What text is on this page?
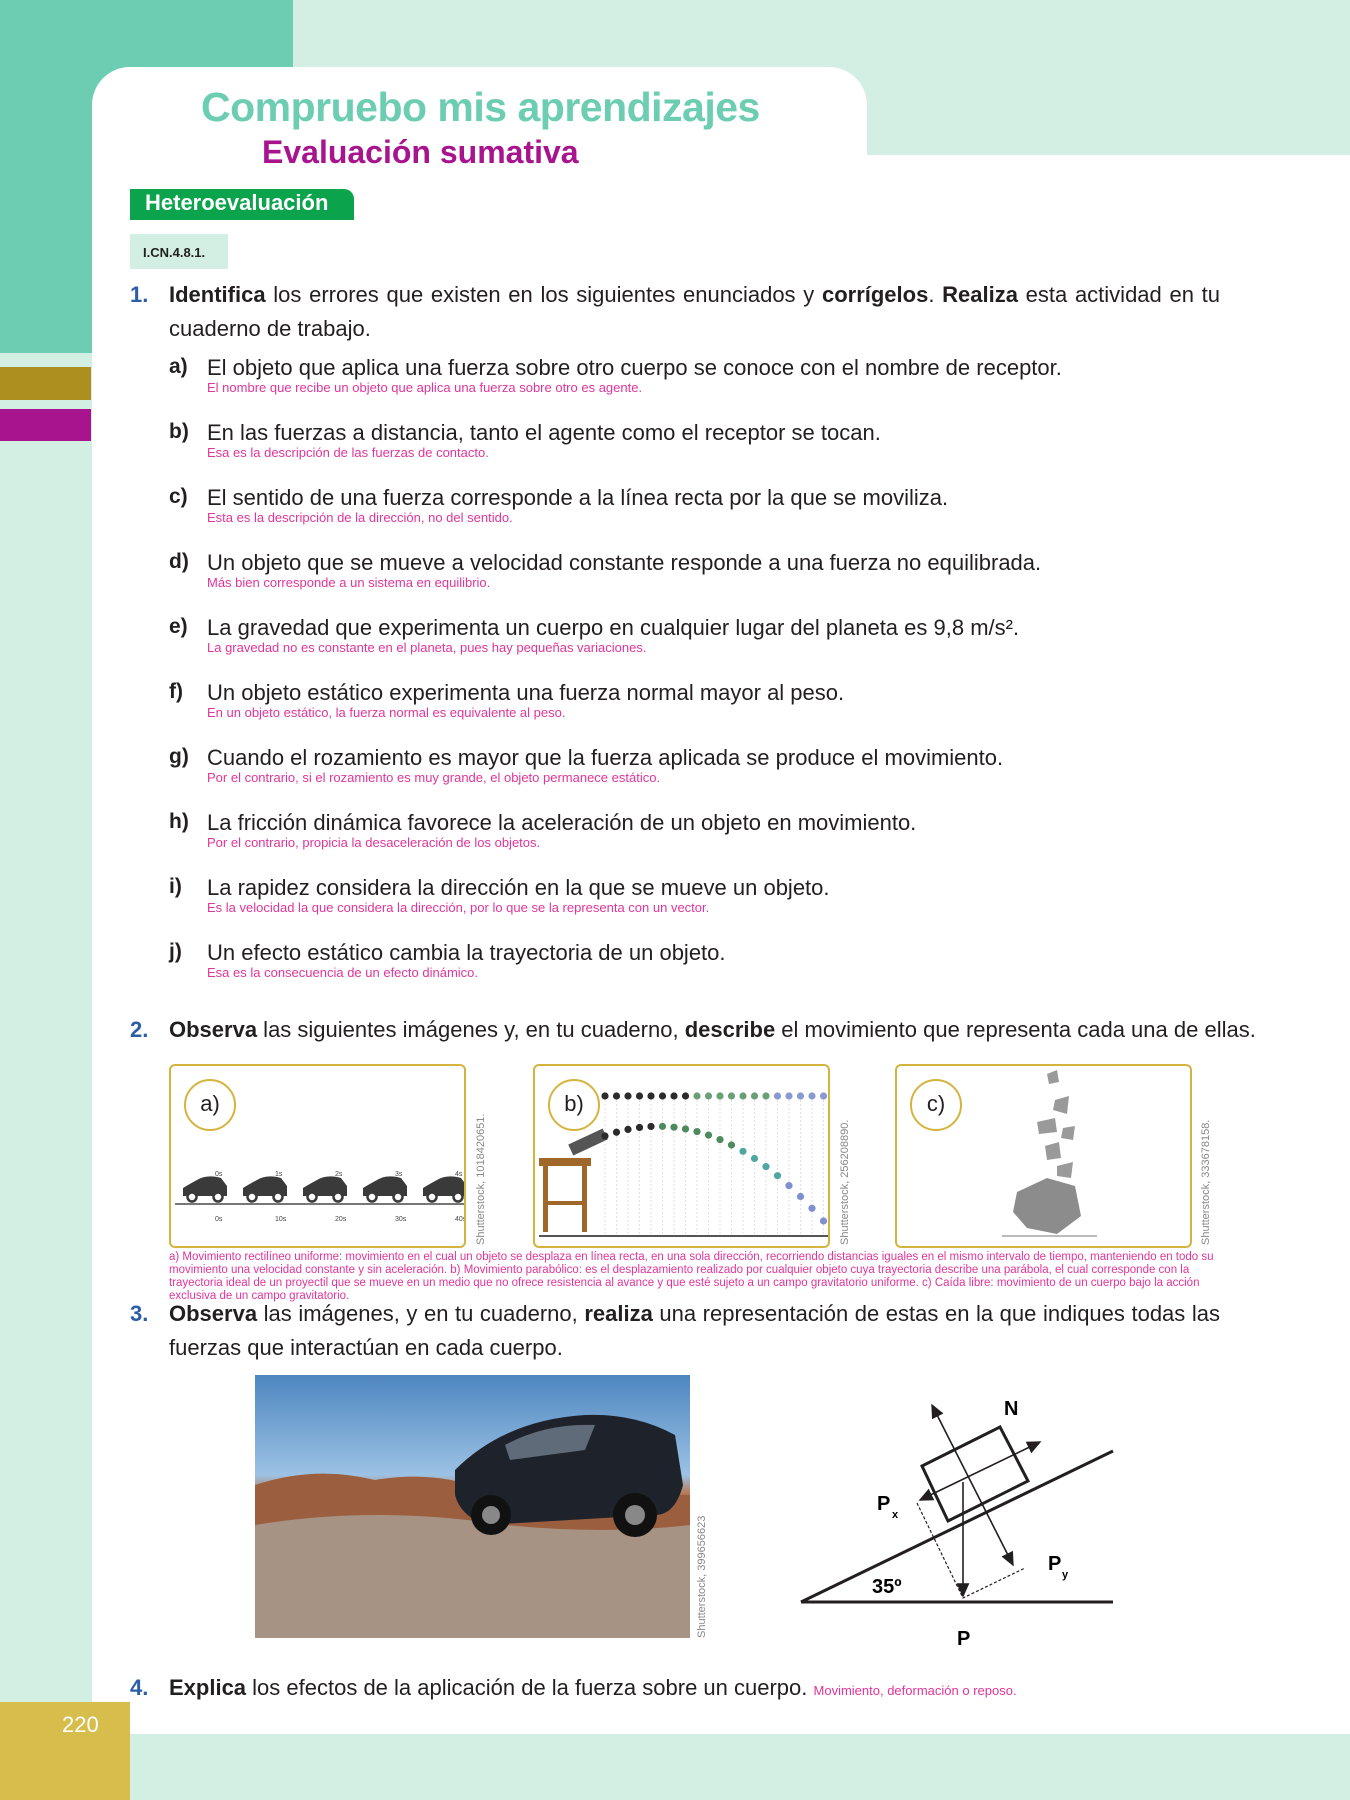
220
Compruebo mis aprendizajes
Evaluación sumativa
Heteroevaluación
I.CN.4.8.1.
1. Identifica los errores que existen en los siguientes enunciados y corrígelos. Realiza esta actividad en tu cuaderno de trabajo.
a) El objeto que aplica una fuerza sobre otro cuerpo se conoce con el nombre de receptor.
El nombre que recibe un objeto que aplica una fuerza sobre otro es agente.
b) En las fuerzas a distancia, tanto el agente como el receptor se tocan.
Esa es la descripción de las fuerzas de contacto.
c) El sentido de una fuerza corresponde a la línea recta por la que se moviliza.
Esta es la descripción de la dirección, no del sentido.
d) Un objeto que se mueve a velocidad constante responde a una fuerza no equilibrada.
Más bien corresponde a un sistema en equilibrio.
e) La gravedad que experimenta un cuerpo en cualquier lugar del planeta es 9,8 m/s².
La gravedad no es constante en el planeta, pues hay pequeñas variaciones.
f) Un objeto estático experimenta una fuerza normal mayor al peso.
En un objeto estático, la fuerza normal es equivalente al peso.
g) Cuando el rozamiento es mayor que la fuerza aplicada se produce el movimiento.
Por el contrario, si el rozamiento es muy grande, el objeto permanece estático.
h) La fricción dinámica favorece la aceleración de un objeto en movimiento.
Por el contrario, propicia la desaceleración de los objetos.
i) La rapidez considera la dirección en la que se mueve un objeto.
Es la velocidad la que considera la dirección, por lo que se la representa con un vector.
j) Un efecto estático cambia la trayectoria de un objeto.
Esa es la consecuencia de un efecto dinámico.
2. Observa las siguientes imágenes y, en tu cuaderno, describe el movimiento que representa cada una de ellas.
a)
0s
0s
1s
10s
2s
20s
3s
30s
4s
40s Shutterstock, 1018420651.
b)
Shutterstock, 256208890.
c)
Shutterstock, 333678158.
a) Movimiento rectilíneo uniforme: movimiento en el cual un objeto se desplaza en línea recta, en una sola dirección, recorriendo distancias iguales en el mismo intervalo de tiempo, manteniendo en todo su movimiento una velocidad constante y sin aceleración. b) Movimiento parabólico: es el desplazamiento realizado por cualquier objeto cuya trayectoria describe una parábola, el cual corresponde con la trayectoria ideal de un proyectil que se mueve en un medio que no ofrece resistencia al avance y que esté sujeto a un campo gravitatorio uniforme. c) Caída libre: movimiento de un cuerpo bajo la acción exclusiva de un campo gravitatorio.
3. Observa las imágenes, y en tu cuaderno, realiza una representación de estas en la que indiques todas las fuerzas que interactúan en cada cuerpo.
Shutterstock, 399656623
N
P x
P y
35º
P
4. Explica los efectos de la aplicación de la fuerza sobre un cuerpo. Movimiento, deformación o reposo.
